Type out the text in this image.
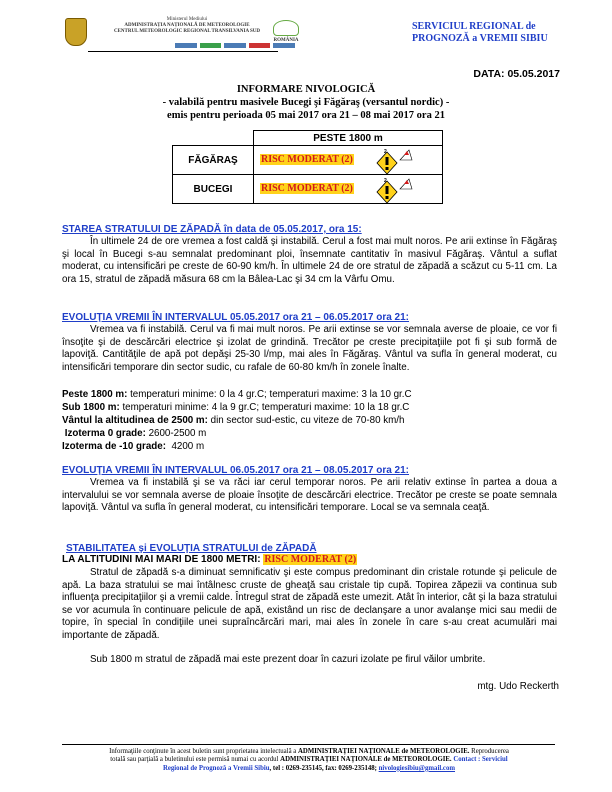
Ministerul Mediului
ADMINISTRAȚIA NAȚIONALĂ DE METEOROLOGIE
CENTRUL METEOROLOGIC REGIONAL TRANSILVANIA SUD
ROMÂNIA
SERVICIUL REGIONAL de
PROGNOZĂ a VREMII SIBIU
DATA: 05.05.2017
INFORMARE NIVOLOGICĂ
- valabilă pentru masivele Bucegi şi Făgăraş (versantul nordic) -
emis pentru perioada 05 mai 2017 ora 21 – 08 mai 2017 ora 21
	PESTE 1800 m
FĂGĂRAŞ	RISC MODERAT (2)
2

BUCEGI	RISC MODERAT (2)
2
STAREA STRATULUI DE ZĂPADĂ în data de 05.05.2017, ora 15:
În ultimele 24 de ore vremea a fost caldă şi instabilă. Cerul a fost mai mult noros. Pe arii extinse în Făgăraş şi local în Bucegi s-au semnalat predominant ploi, însemnate cantitativ în masivul Făgăraş. Vântul a suflat moderat, cu intensificări pe creste de 60-90 km/h. În ultimele 24 de ore stratul de zăpadă a scăzut cu 5-11 cm. La ora 15, stratul de zăpadă măsura 68 cm la Bâlea-Lac şi 34 cm la Vârfu Omu.
EVOLUŢIA VREMII ÎN INTERVALUL 05.05.2017 ora 21 – 06.05.2017 ora 21:
Vremea va fi instabilă. Cerul va fi mai mult noros. Pe arii extinse se vor semnala averse de ploaie, ce vor fi însoţite şi de descărcări electrice şi izolat de grindină. Trecător pe creste precipitaţiile pot fi şi sub formă de lapoviţă. Cantităţile de apă pot depăşi 25-30 l/mp, mai ales în Făgăraş. Vântul va sufla în general moderat, cu intensificări temporare din sector sudic, cu rafale de 60-80 km/h în zonele înalte.
Peste 1800 m: temperaturi minime: 0 la 4 gr.C; temperaturi maxime: 3 la 10 gr.C
Sub 1800 m: temperaturi minime: 4 la 9 gr.C; temperaturi maxime: 10 la 18 gr.C
Vântul la altitudinea de 2500 m: din sector sud-estic, cu viteze de 70-80 km/h
Izoterma 0 grade: 2600-2500 m
Izoterma de -10 grade:  4200 m
EVOLUŢIA VREMII ÎN INTERVALUL 06.05.2017 ora 21 – 08.05.2017 ora 21:
Vremea va fi instabilă şi se va răci iar cerul temporar noros. Pe arii relativ extinse în partea a doua a intervalului se vor semnala averse de ploaie însoţite de descărcări electrice. Trecător pe creste se poate semnala lapoviţă. Vântul va sufla în general moderat, cu intensificări temporare. Local se va semnala ceaţă.
STABILITATEA şi EVOLUŢIA STRATULUI de ZĂPADĂ
LA ALTITUDINI MAI MARI DE 1800 METRI: RISC MODERAT (2)
Stratul de zăpadă s-a diminuat semnificativ şi este compus predominant din cristale rotunde şi pelicule de apă. La baza stratului se mai întâlnesc cruste de gheaţă sau cristale tip cupă. Topirea zăpezii va continua sub influenţa precipitaţiilor şi a vremii calde. Întregul strat de zăpadă este umezit. Atât în interior, cât şi la baza stratului se vor acumula în continuare pelicule de apă, existând un risc de declanşare a unor avalanşe mici sau medii de topire, în special în condiţiile unei supraîncărcări mari, mai ales în zonele în care s-au creat acumulări mai importante de zăpadă.
Sub 1800 m stratul de zăpadă mai este prezent doar în cazuri izolate pe firul văilor umbrite.
mtg. Udo Reckerth
Informaţiile conţinute în acest buletin sunt proprietatea intelectuală a ADMINISTRAŢIEI NAŢIONALE de METEOROLOGIE. Reproducerea
totală sau parţială a buletinului este permisă numai cu acordul ADMINISTRAŢIEI NAŢIONALE de METEOROLOGIE. Contact : Serviciul
Regional de Prognoză a Vremii Sibiu, tel : 0269-235145, fax: 0269-235148; nivologiesibiu@gmail.com
